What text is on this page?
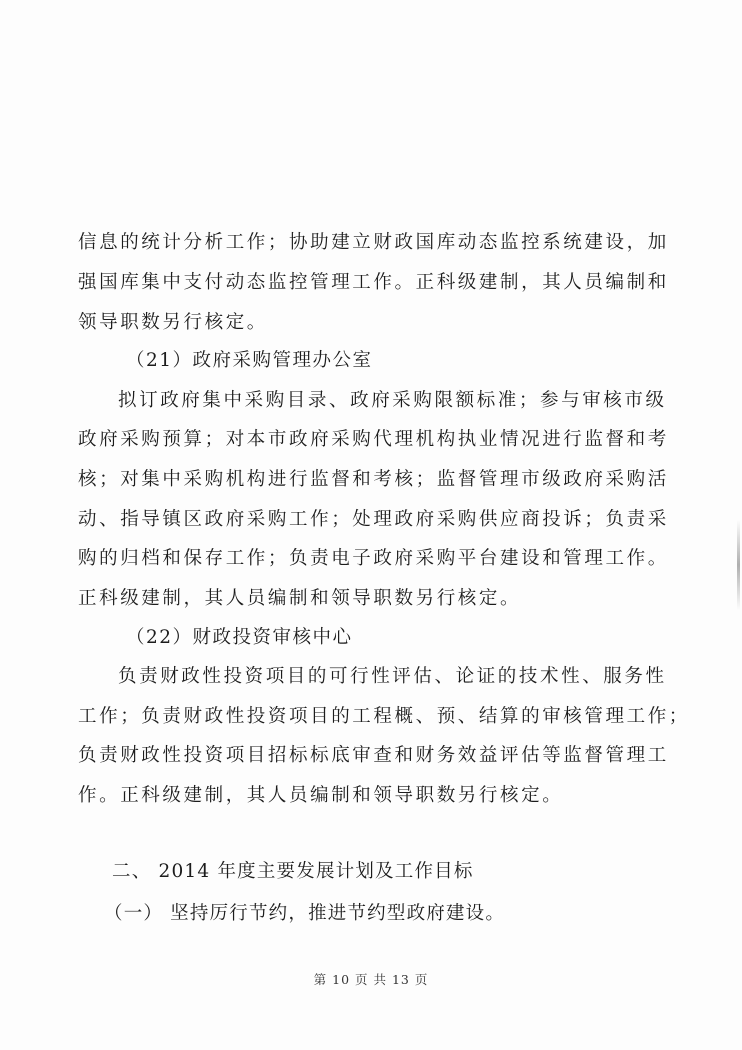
信息的统计分析工作；协助建立财政国库动态监控系统建设，加
强国库集中支付动态监控管理工作。正科级建制，其人员编制和
领导职数另行核定。
（21）政府采购管理办公室
拟订政府集中采购目录、政府采购限额标准；参与审核市级
政府采购预算；对本市政府采购代理机构执业情况进行监督和考
核；对集中采购机构进行监督和考核；监督管理市级政府采购活
动、指导镇区政府采购工作；处理政府采购供应商投诉；负责采
购的归档和保存工作；负责电子政府采购平台建设和管理工作。
正科级建制，其人员编制和领导职数另行核定。
（22）财政投资审核中心
负责财政性投资项目的可行性评估、论证的技术性、服务性
工作；负责财政性投资项目的工程概、预、结算的审核管理工作；
负责财政性投资项目招标标底审查和财务效益评估等监督管理工
作。正科级建制，其人员编制和领导职数另行核定。
二、 2014 年度主要发展计划及工作目标
（一） 坚持厉行节约，推进节约型政府建设。
第 10 页 共 13 页
